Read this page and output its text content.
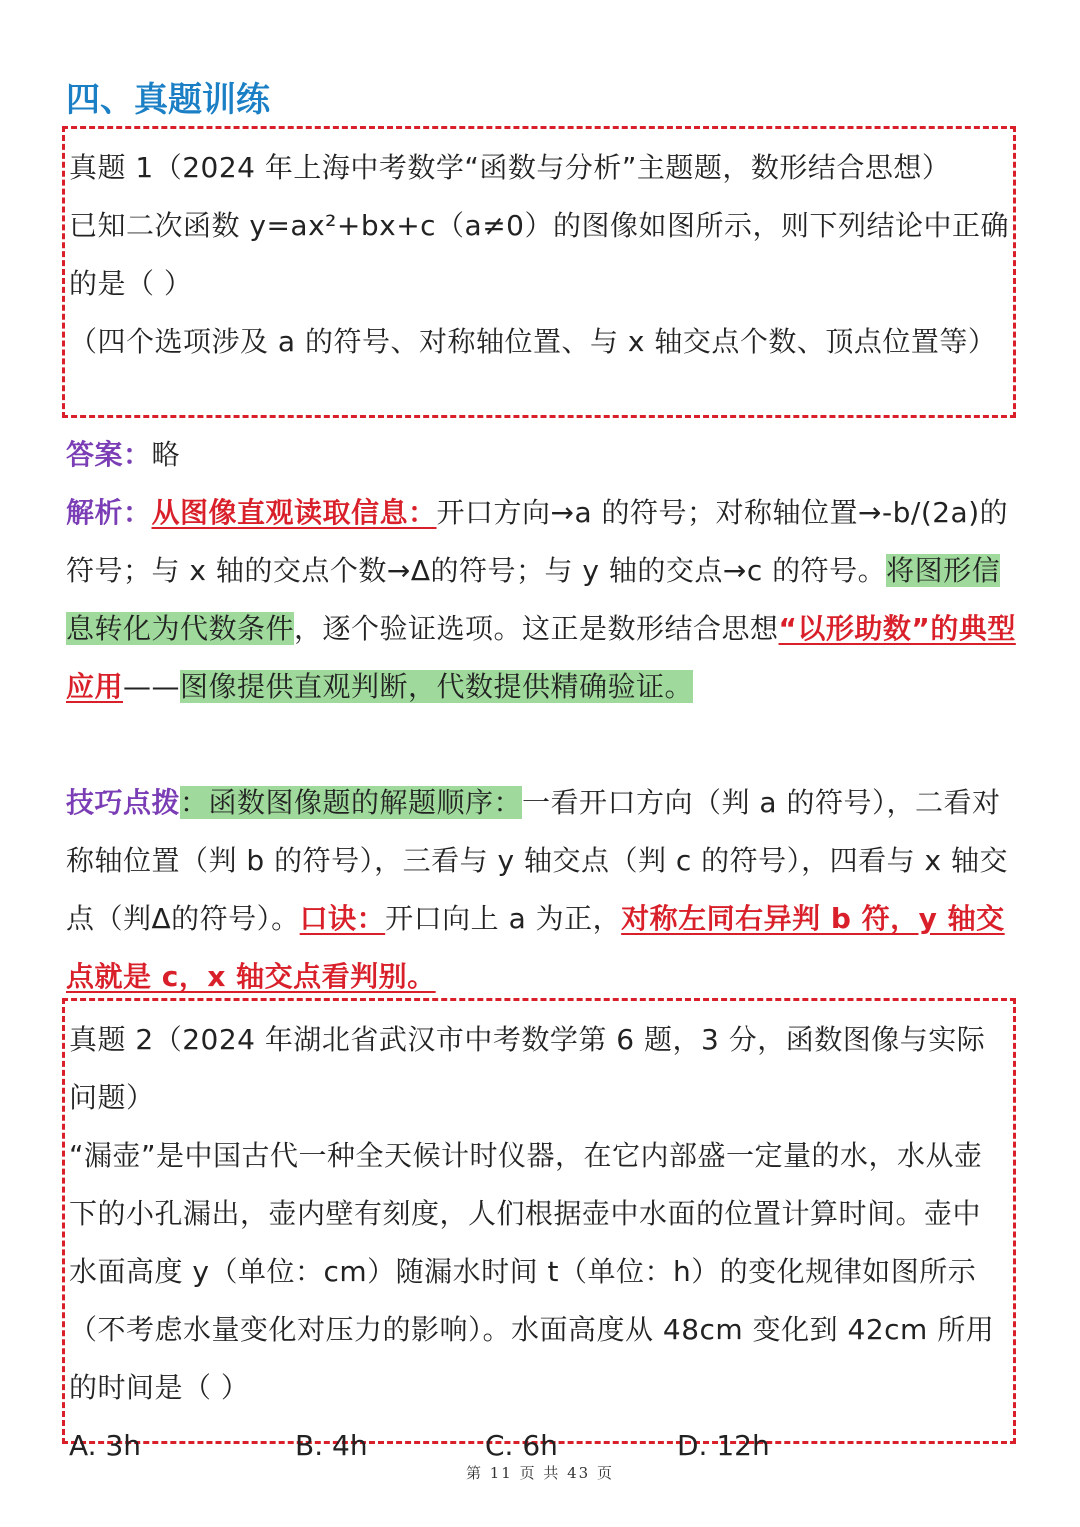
四、真题训练

真题 1（2024 年上海中考数学“函数与分析”主题题，数形结合思想）

已知二次函数 y=ax²+bx+c（a≠0）的图像如图所示，则下列结论中正确的是（ ）

（四个选项涉及 a 的符号、对称轴位置、与 x 轴交点个数、顶点位置等）

答案：略

解析：从图像直观读取信息：开口方向→a 的符号；对称轴位置→-b/(2a)的符号；与 x 轴的交点个数→Δ的符号；与 y 轴的交点→c 的符号。将图形信息转化为代数条件，逐个验证选项。这正是数形结合思想“以形助数”的典型应用——图像提供直观判断，代数提供精确验证。

技巧点拨：函数图像题的解题顺序：一看开口方向（判 a 的符号），二看对称轴位置（判 b 的符号），三看与 y 轴交点（判 c 的符号），四看与 x 轴交点（判Δ的符号）。口诀：开口向上 a 为正，对称左同右异判 b 符，y 轴交点就是 c，x 轴交点看判别。

真题 2（2024 年湖北省武汉市中考数学第 6 题，3 分，函数图像与实际问题）

“漏壶”是中国古代一种全天候计时仪器，在它内部盛一定量的水，水从壶下的小孔漏出，壶内壁有刻度，人们根据壶中水面的位置计算时间。壶中水面高度 y（单位：cm）随漏水时间 t（单位：h）的变化规律如图所示（不考虑水量变化对压力的影响）。水面高度从 48cm 变化到 42cm 所用的时间是（ ）

A. 3h	B. 4h	C. 6h	D. 12h
第 11 页 共 43 页
